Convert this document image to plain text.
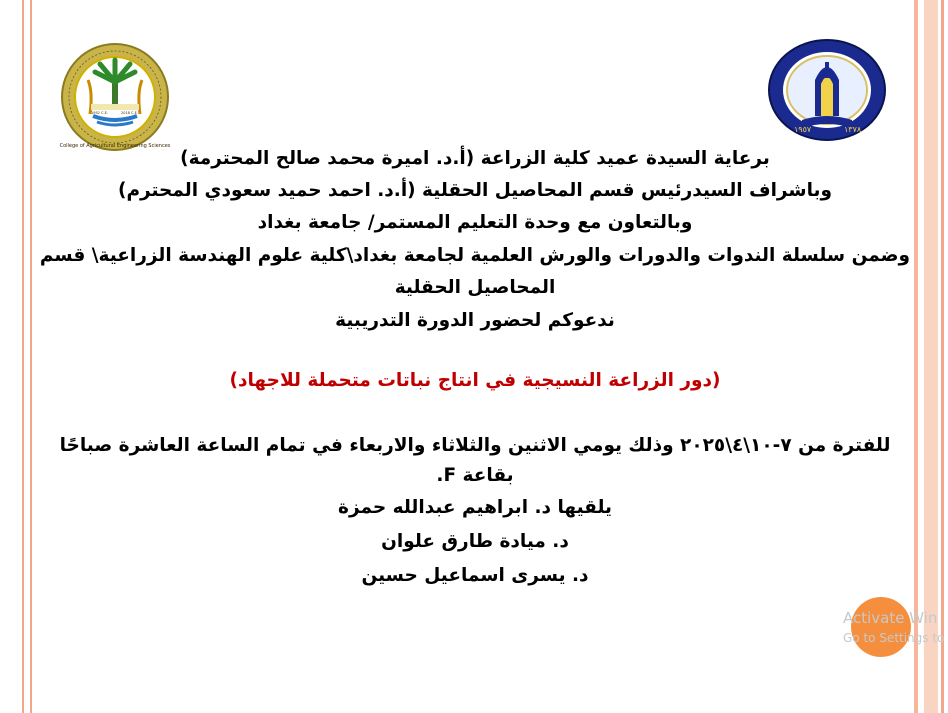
College of Agricultural Engineering Sciences
1952 C.E.	2018 C.E.
١٩٥٧	١٣٧٨
برعاية السيدة عميد كلية الزراعة (أ.د. اميرة محمد صالح المحترمة)
وباشراف السيدرئيس قسم المحاصيل الحقلية (أ.د. احمد حميد سعودي المحترم)
وبالتعاون مع وحدة التعليم المستمر/ جامعة بغداد
وضمن سلسلة الندوات والدورات والورش العلمية لجامعة بغداد\كلية علوم الهندسة الزراعية\ قسم
المحاصيل الحقلية
ندعوكم لحضور الدورة التدريبية
(دور الزراعة النسيجية في انتاج نباتات متحملة للاجهاد)
للفترة من ٧-١٠\٤\٢٠٢٥ وذلك يومي الاثنين والثلاثاء والاربعاء في تمام الساعة العاشرة صباحًا
بقاعة F.
يلقيها د. ابراهيم عبدالله حمزة
د. ميادة طارق علوان
د. يسرى اسماعيل حسين
Activate Win
Go to Settings to
